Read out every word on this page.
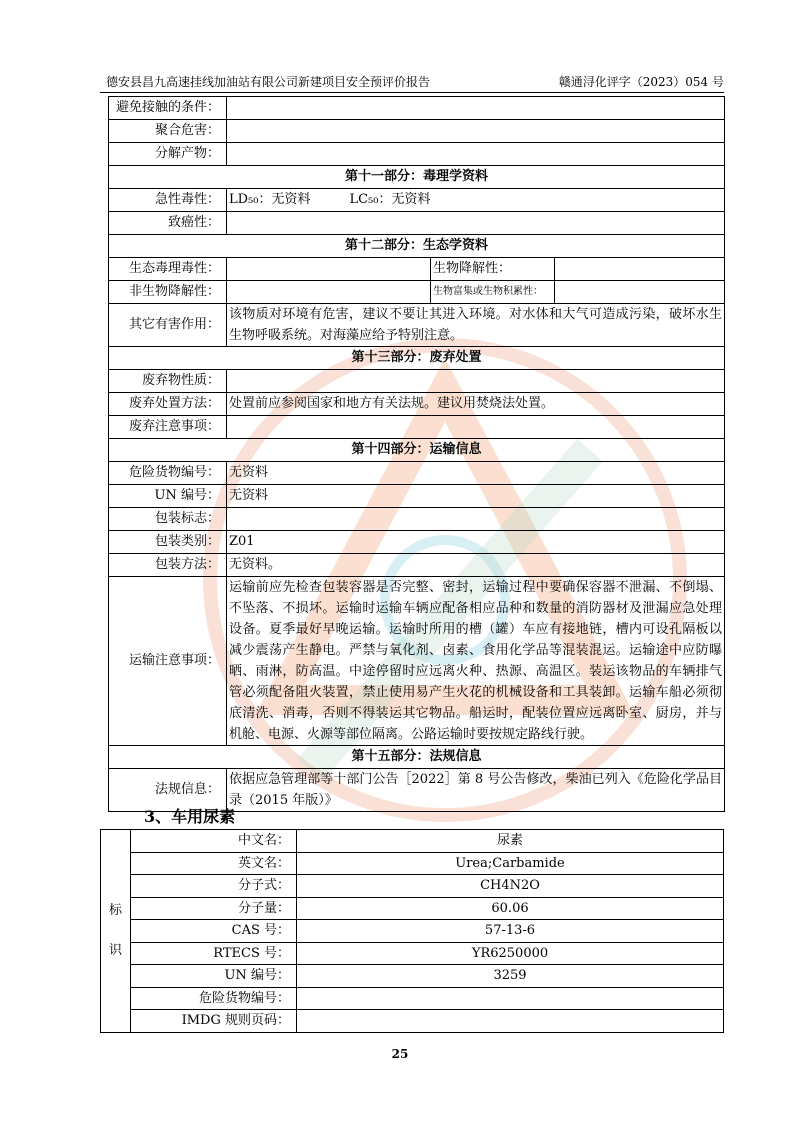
德安县昌九高速挂线加油站有限公司新建项目安全预评价报告	赣通浔化评字（2023）054 号
避免接触的条件：			
聚合危害：			
分解产物：			
第十一部分：毒理学资料			
急性毒性：	LD₅₀：无资料　　　LC₅₀：无资料		
致癌性：			
第十二部分：生态学资料			
生态毒理毒性：		生物降解性：	
非生物降解性：		生物富集或生物积累性：	
其它有害作用：	该物质对环境有危害，建议不要让其进入环境。对水体和大气可造成污染，破坏水生生物呼吸系统。对海藻应给予特别注意。		
第十三部分：废弃处置			
废弃物性质：			
废弃处置方法：	处置前应参阅国家和地方有关法规。建议用焚烧法处置。		
废弃注意事项：			
第十四部分：运输信息			
危险货物编号：	无资料		
UN 编号：	无资料		
包装标志：			
包装类别：	Z01		
包装方法：	无资料。		
运输注意事项：	运输前应先检查包装容器是否完整、密封，运输过程中要确保容器不泄漏、不倒塌、不坠落、不损坏。运输时运输车辆应配备相应品种和数量的消防器材及泄漏应急处理设备。夏季最好早晚运输。运输时所用的槽（罐）车应有接地链，槽内可设孔隔板以减少震荡产生静电。严禁与氧化剂、卤素、食用化学品等混装混运。运输途中应防曝晒、雨淋，防高温。中途停留时应远离火种、热源、高温区。装运该物品的车辆排气管必须配备阻火装置，禁止使用易产生火花的机械设备和工具装卸。运输车船必须彻底清洗、消毒，否则不得装运其它物品。船运时，配装位置应远离卧室、厨房，并与机舱、电源、火源等部位隔离。公路运输时要按规定路线行驶。		
第十五部分：法规信息			
法规信息：	依据应急管理部等十部门公告［2022］第 8 号公告修改，柴油已列入《危险化学品目录（2015 年版）》		
3、车用尿素
标 识	中文名：	尿素
	英文名：	Urea;Carbamide
	分子式：	CH4N2O
	分子量：	60.06
	CAS 号：	57-13-6
	RTECS 号：	YR6250000
	UN 编号：	3259
	危险货物编号：	
	IMDG 规则页码：	
25
